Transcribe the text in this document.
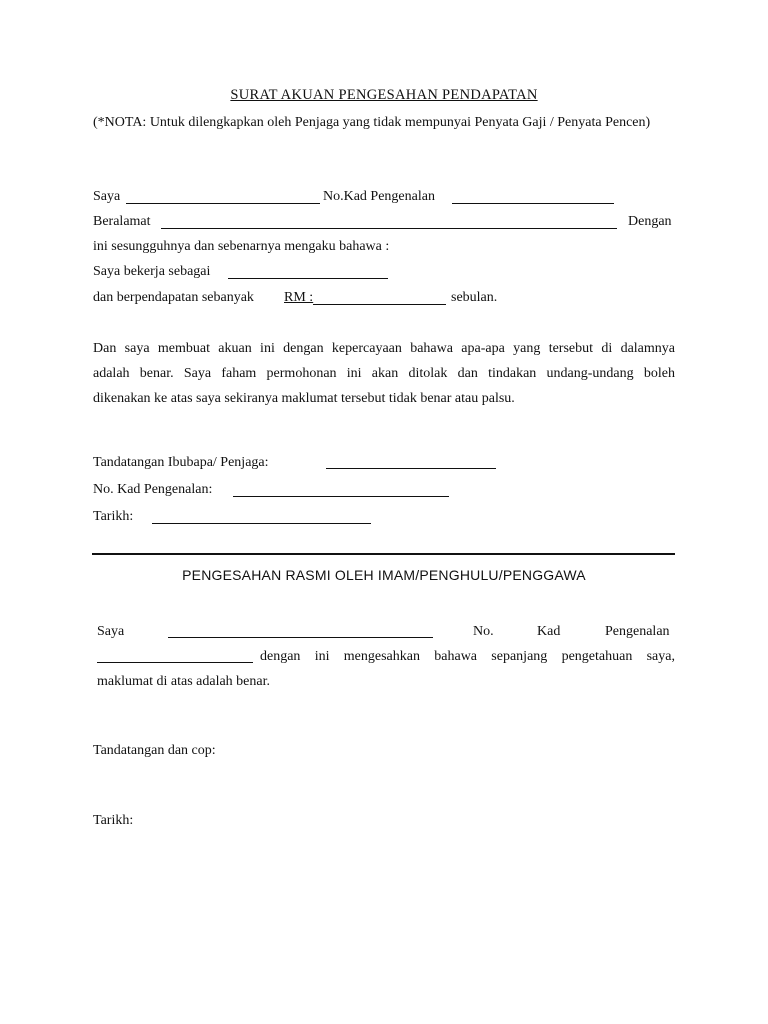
SURAT AKUAN PENGESAHAN PENDAPATAN
(*NOTA: Untuk dilengkapkan oleh Penjaga yang tidak mempunyai Penyata Gaji / Penyata Pencen)
Saya	No.Kad Pengenalan
Beralamat	Dengan
ini sesungguhnya dan sebenarnya mengaku bahawa :
Saya bekerja sebagai
dan berpendapatan sebanyak RM :	sebulan.
Dan saya membuat akuan ini dengan kepercayaan bahawa apa-apa yang tersebut di dalamnya
adalah benar. Saya faham permohonan ini akan ditolak dan tindakan undang-undang boleh
dikenakan ke atas saya sekiranya maklumat tersebut tidak benar atau palsu.
Tandatangan Ibubapa/ Penjaga:
No. Kad Pengenalan:
Tarikh:
PENGESAHAN RASMI OLEH IMAM/PENGHULU/PENGGAWA
Saya	No.	Kad	Pengenalan
dengan ini mengesahkan bahawa sepanjang pengetahuan saya,
maklumat di atas adalah benar.
Tandatangan dan cop:
Tarikh:
